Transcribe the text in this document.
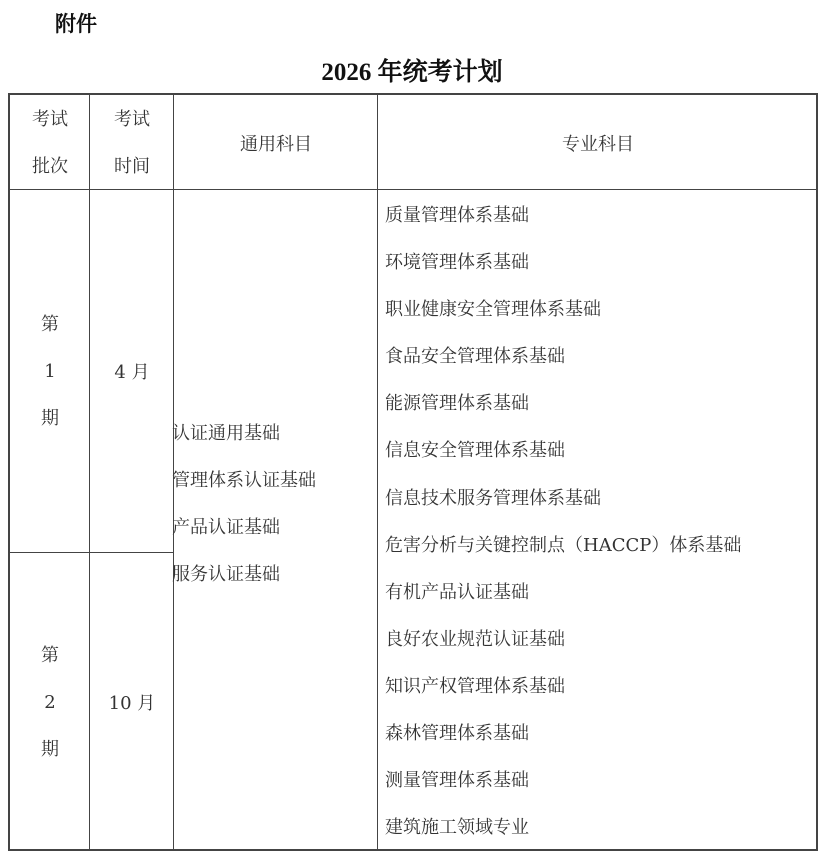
附件
2026 年统考计划
考试
批次
考试
时间
通用科目	专业科目
第
1
期
4 月
第
2
期
10 月
认证通用基础
管理体系认证基础
产品认证基础
服务认证基础
质量管理体系基础
环境管理体系基础
职业健康安全管理体系基础
食品安全管理体系基础
能源管理体系基础
信息安全管理体系基础
信息技术服务管理体系基础
危害分析与关键控制点（HACCP）体系基础
有机产品认证基础
良好农业规范认证基础
知识产权管理体系基础
森林管理体系基础
测量管理体系基础
建筑施工领域专业
